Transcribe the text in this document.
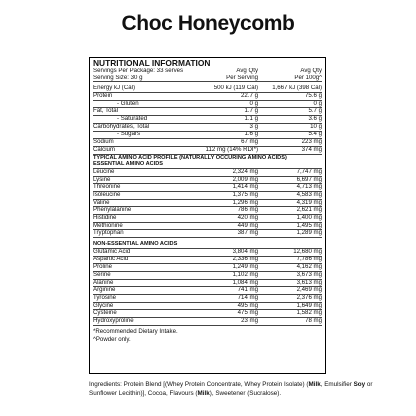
Choc Honeycomb
NUTRITIONAL INFORMATION
Servings Per Package: 33 serves	Avg Qty	Avg Qty
Serving Size: 30 g	Per Serving	Per 100g^
Energy kJ (Cal)	500 kJ (119 Cal)	1,667 kJ (398 Cal)
Protein	22.7 g	75.6 g
- Gluten	0 g	0 g
Fat, Total	1.7 g	5.7 g
- Saturated	1.1 g	3.6 g
Carbohydrates, Total	3 g	10 g
- Sugars	1.6 g	5.4 g
Sodium	67 mg	223 mg
Calcium	112 mg (14% RDI*)	374 mg
TYPICAL AMINO ACID PROFILE (NATURALLY OCCURING AMINO ACIDS)
ESSENTIAL AMINO ACIDS
Leucine	2,324 mg	7,747 mg
Lysine	2,009 mg	6,697 mg
Threonine	1,414 mg	4,713 mg
Isoleucine	1,375 mg	4,583 mg
Valine	1,296 mg	4,319 mg
Phenylalanine	786 mg	2,621 mg
Histidine	420 mg	1,400 mg
Methionine	449 mg	1,495 mg
Tryptophan	387 mg	1,289 mg
NON-ESSENTIAL AMINO ACIDS
Glutamic Acid	3,804 mg	12,680 mg
Aspartic Acid	2,336 mg	7,786 mg
Proline	1,249 mg	4,162 mg
Serine	1,102 mg	3,673 mg
Alanine	1,084 mg	3,613 mg
Arginine	741 mg	2,469 mg
Tyrosine	714 mg	2,376 mg
Glycine	495 mg	1,649 mg
Cysteine	475 mg	1,582 mg
Hydroxyproline	23 mg	78 mg
*Recommended Dietary Intake.
^Powder only.
Ingredients: Protein Blend [(Whey Protein Concentrate, Whey Protein Isolate) (Milk, Emulsifier Soy or Sunflower Lecithin)], Cocoa, Flavours (Milk), Sweetener (Sucralose).
